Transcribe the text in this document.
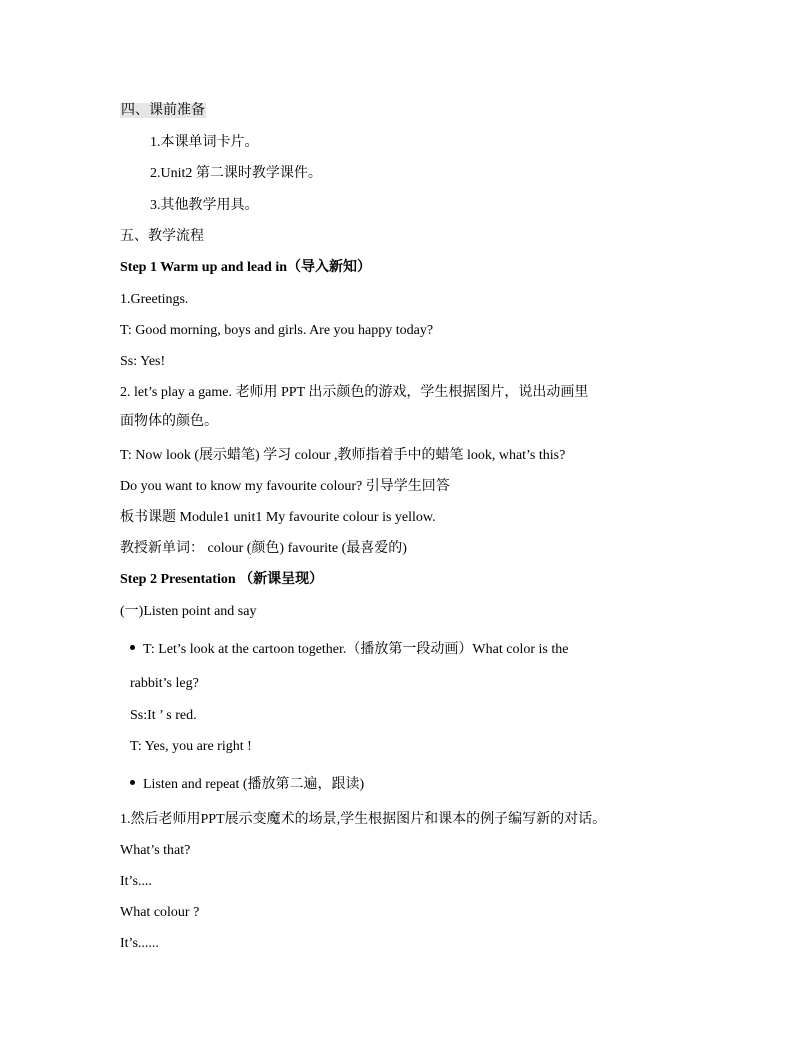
四、课前准备
1.本课单词卡片。
2.Unit2 第二课时教学课件。
3.其他教学用具。
五、教学流程
Step 1 Warm up and lead in（导入新知）
1.Greetings.
T: Good morning, boys and girls. Are you happy today?
Ss: Yes!
2. let’s play a game. 老师用 PPT 出示颜色的游戏，学生根据图片，说出动画里
面物体的颜色。
T: Now look (展示蜡笔) 学习 colour ,教师指着手中的蜡笔 look, what’s this?
Do you want to know my favourite colour? 引导学生回答
板书课题 Module1 unit1 My favourite colour is yellow.
教授新单词： colour (颜色) favourite (最喜爱的)
Step 2 Presentation （新课呈现）
(一)Listen point and say
T: Let’s look at the cartoon together.（播放第一段动画）What color is the
rabbit’s leg?
Ss:It ’ s red.
T: Yes, you are right !
Listen and repeat (播放第二遍，跟读)
1.然后老师用PPT展示变魔术的场景,学生根据图片和课本的例子编写新的对话。
What’s that?
It’s....
What colour ?
It’s......
